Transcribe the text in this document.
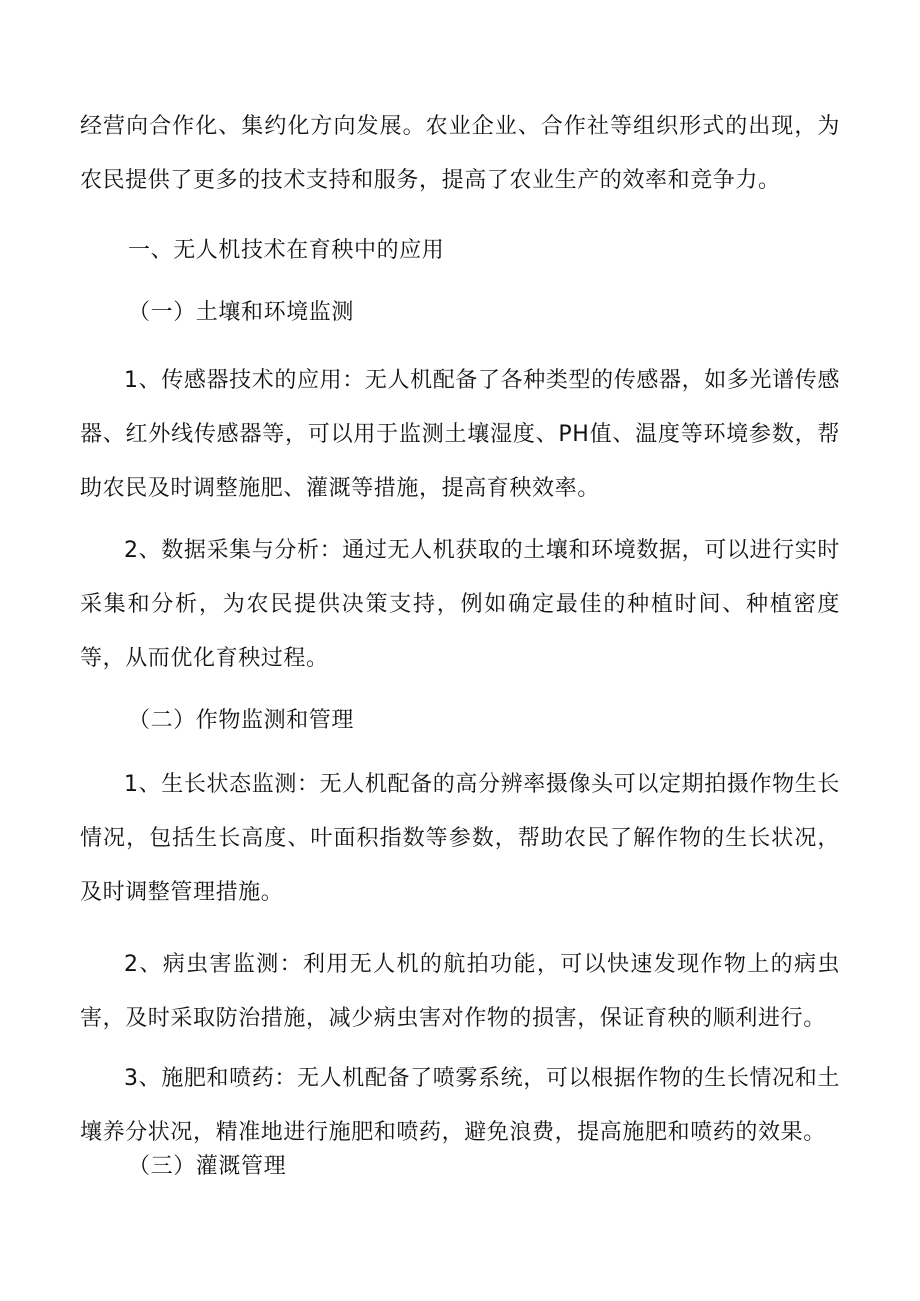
经营向合作化、集约化方向发展。农业企业、合作社等组织形式的出现，为农民提供了更多的技术支持和服务，提高了农业生产的效率和竞争力。
一、无人机技术在育秧中的应用
（一）土壤和环境监测
1、传感器技术的应用：无人机配备了各种类型的传感器，如多光谱传感器、红外线传感器等，可以用于监测土壤湿度、PH值、温度等环境参数，帮助农民及时调整施肥、灌溉等措施，提高育秧效率。
2、数据采集与分析：通过无人机获取的土壤和环境数据，可以进行实时采集和分析，为农民提供决策支持，例如确定最佳的种植时间、种植密度等，从而优化育秧过程。
（二）作物监测和管理
1、生长状态监测：无人机配备的高分辨率摄像头可以定期拍摄作物生长情况，包括生长高度、叶面积指数等参数，帮助农民了解作物的生长状况，及时调整管理措施。
2、病虫害监测：利用无人机的航拍功能，可以快速发现作物上的病虫害，及时采取防治措施，减少病虫害对作物的损害，保证育秧的顺利进行。
3、施肥和喷药：无人机配备了喷雾系统，可以根据作物的生长情况和土壤养分状况，精准地进行施肥和喷药，避免浪费，提高施肥和喷药的效果。
（三）灌溉管理
